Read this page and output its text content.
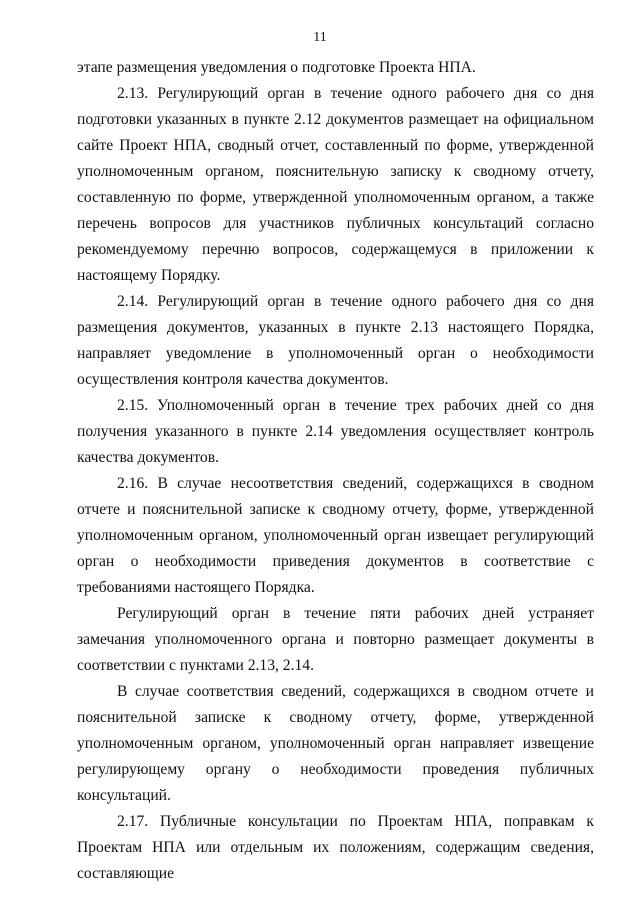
11

этапе размещения уведомления о подготовке Проекта НПА.

2.13. Регулирующий орган в течение одного рабочего дня со дня подготовки указанных в пункте 2.12 документов размещает на официальном сайте Проект НПА, сводный отчет, составленный по форме, утвержденной уполномоченным органом, пояснительную записку к сводному отчету, составленную по форме, утвержденной уполномоченным органом, а также перечень вопросов для участников публичных консультаций согласно рекомендуемому перечню вопросов, содержащемуся в приложении к настоящему Порядку.

2.14. Регулирующий орган в течение одного рабочего дня со дня размещения документов, указанных в пункте 2.13 настоящего Порядка, направляет уведомление в уполномоченный орган о необходимости осуществления контроля качества документов.

2.15. Уполномоченный орган в течение трех рабочих дней со дня получения указанного в пункте 2.14 уведомления осуществляет контроль качества документов.

2.16. В случае несоответствия сведений, содержащихся в сводном отчете и пояснительной записке к сводному отчету, форме, утвержденной уполномоченным органом, уполномоченный орган извещает регулирующий орган о необходимости приведения документов в соответствие с требованиями настоящего Порядка.

Регулирующий орган в течение пяти рабочих дней устраняет замечания уполномоченного органа и повторно размещает документы в соответствии с пунктами 2.13, 2.14.

В случае соответствия сведений, содержащихся в сводном отчете и пояснительной записке к сводному отчету, форме, утвержденной уполномоченным органом, уполномоченный орган направляет извещение регулирующему органу о необходимости проведения публичных консультаций.

2.17. Публичные консультации по Проектам НПА, поправкам к Проектам НПА или отдельным их положениям, содержащим сведения, составляющие
